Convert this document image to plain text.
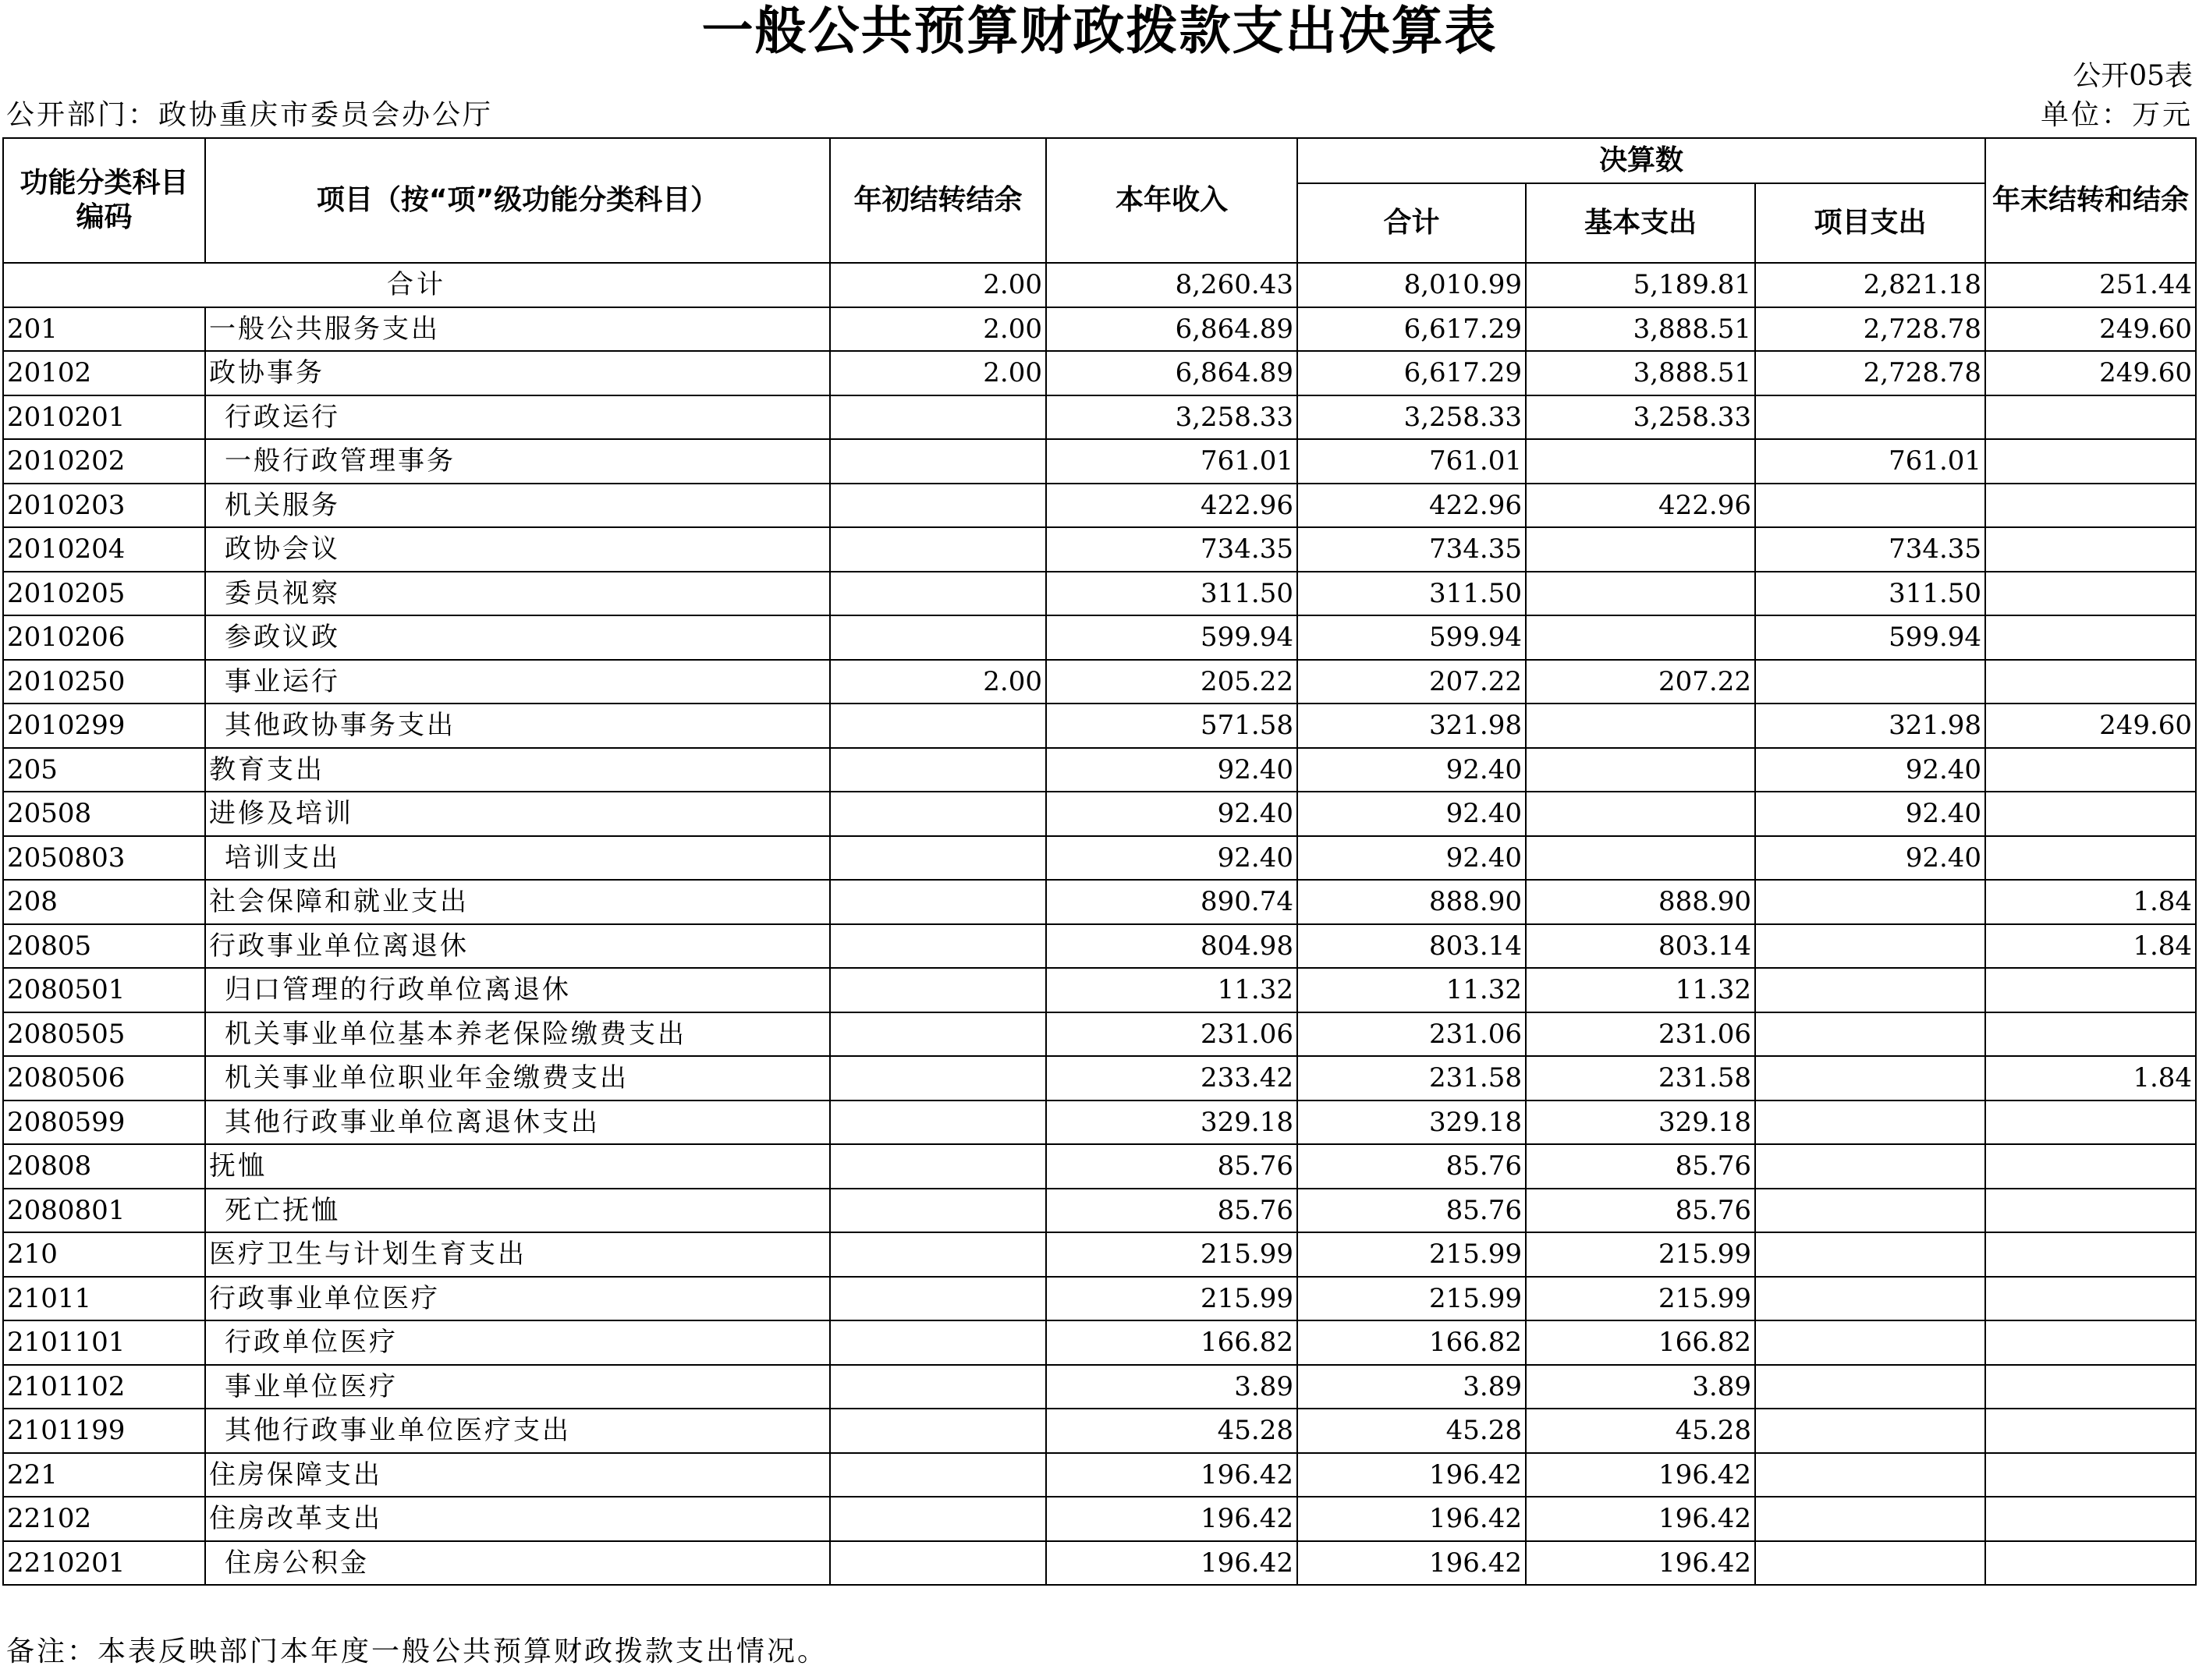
一般公共预算财政拨款支出决算表
公开05表
公开部门：政协重庆市委员会办公厅	单位：万元
功能分类科目编码	项目（按“项”级功能分类科目）	年初结转结余	本年收入	决算数			年末结转和结余
				合计	基本支出	项目支出	
合计		2.00	8,260.43	8,010.99	5,189.81	2,821.18	251.44
201	一般公共服务支出	2.00	6,864.89	6,617.29	3,888.51	2,728.78	249.60
20102	政协事务	2.00	6,864.89	6,617.29	3,888.51	2,728.78	249.60
2010201	行政运行		3,258.33	3,258.33	3,258.33		
2010202	一般行政管理事务		761.01	761.01		761.01	
2010203	机关服务		422.96	422.96	422.96		
2010204	政协会议		734.35	734.35		734.35	
2010205	委员视察		311.50	311.50		311.50	
2010206	参政议政		599.94	599.94		599.94	
2010250	事业运行	2.00	205.22	207.22	207.22		
2010299	其他政协事务支出		571.58	321.98		321.98	249.60
205	教育支出		92.40	92.40		92.40	
20508	进修及培训		92.40	92.40		92.40	
2050803	培训支出		92.40	92.40		92.40	
208	社会保障和就业支出		890.74	888.90	888.90		1.84
20805	行政事业单位离退休		804.98	803.14	803.14		1.84
2080501	归口管理的行政单位离退休		11.32	11.32	11.32		
2080505	机关事业单位基本养老保险缴费支出		231.06	231.06	231.06		
2080506	机关事业单位职业年金缴费支出		233.42	231.58	231.58		1.84
2080599	其他行政事业单位离退休支出		329.18	329.18	329.18		
20808	抚恤		85.76	85.76	85.76		
2080801	死亡抚恤		85.76	85.76	85.76		
210	医疗卫生与计划生育支出		215.99	215.99	215.99		
21011	行政事业单位医疗		215.99	215.99	215.99		
2101101	行政单位医疗		166.82	166.82	166.82		
2101102	事业单位医疗		3.89	3.89	3.89		
2101199	其他行政事业单位医疗支出		45.28	45.28	45.28		
221	住房保障支出		196.42	196.42	196.42		
22102	住房改革支出		196.42	196.42	196.42		
2210201	住房公积金		196.42	196.42	196.42		
备注：本表反映部门本年度一般公共预算财政拨款支出情况。
